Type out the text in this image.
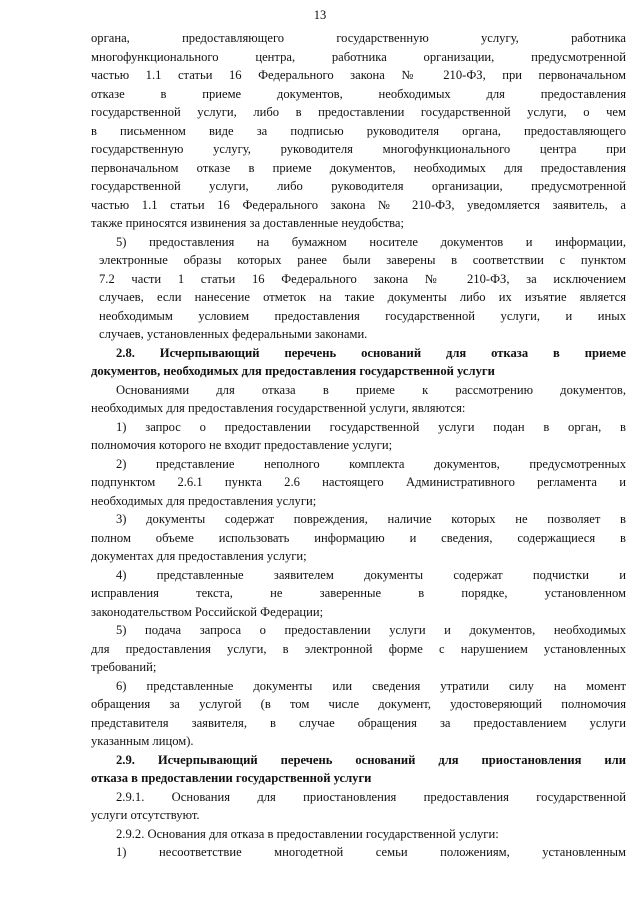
13
органа, предоставляющего государственную услугу, работника
многофункционального центра, работника организации, предусмотренной
частью 1.1 статьи 16 Федерального закона № 210-ФЗ, при первоначальном
отказе в приеме документов, необходимых для предоставления
государственной услуги, либо в предоставлении государственной услуги, о чем
в письменном виде за подписью руководителя органа, предоставляющего
государственную услугу, руководителя многофункционального центра при
первоначальном отказе в приеме документов, необходимых для предоставления
государственной услуги, либо руководителя организации, предусмотренной
частью 1.1 статьи 16 Федерального закона № 210-ФЗ, уведомляется заявитель, а
также приносятся извинения за доставленные неудобства;
5) предоставления на бумажном носителе документов и информации,
электронные образы которых ранее были заверены в соответствии с пунктом
7.2 части 1 статьи 16 Федерального закона № 210-ФЗ, за исключением
случаев, если нанесение отметок на такие документы либо их изъятие является
необходимым условием предоставления государственной услуги, и иных
случаев, установленных федеральными законами.
2.8. Исчерпывающий перечень оснований для отказа в приеме
документов, необходимых для предоставления государственной услуги
Основаниями для отказа в приеме к рассмотрению документов,
необходимых для предоставления государственной услуги, являются:
1) запрос о предоставлении государственной услуги подан в орган, в
полномочия которого не входит предоставление услуги;
2) представление неполного комплекта документов, предусмотренных
подпунктом 2.6.1 пункта 2.6 настоящего Административного регламента и
необходимых для предоставления услуги;
3) документы содержат повреждения, наличие которых не позволяет в
полном объеме использовать информацию и сведения, содержащиеся в
документах для предоставления услуги;
4) представленные заявителем документы содержат подчистки и
исправления текста, не заверенные в порядке, установленном
законодательством Российской Федерации;
5) подача запроса о предоставлении услуги и документов, необходимых
для предоставления услуги, в электронной форме с нарушением установленных
требований;
6) представленные документы или сведения утратили силу на момент
обращения за услугой (в том числе документ, удостоверяющий полномочия
представителя заявителя, в случае обращения за предоставлением услуги
указанным лицом).
2.9. Исчерпывающий перечень оснований для приостановления или
отказа в предоставлении государственной услуги
2.9.1. Основания для приостановления предоставления государственной
услуги отсутствуют.
2.9.2. Основания для отказа в предоставлении государственной услуги:
1) несоответствие многодетной семьи положениям, установленным
